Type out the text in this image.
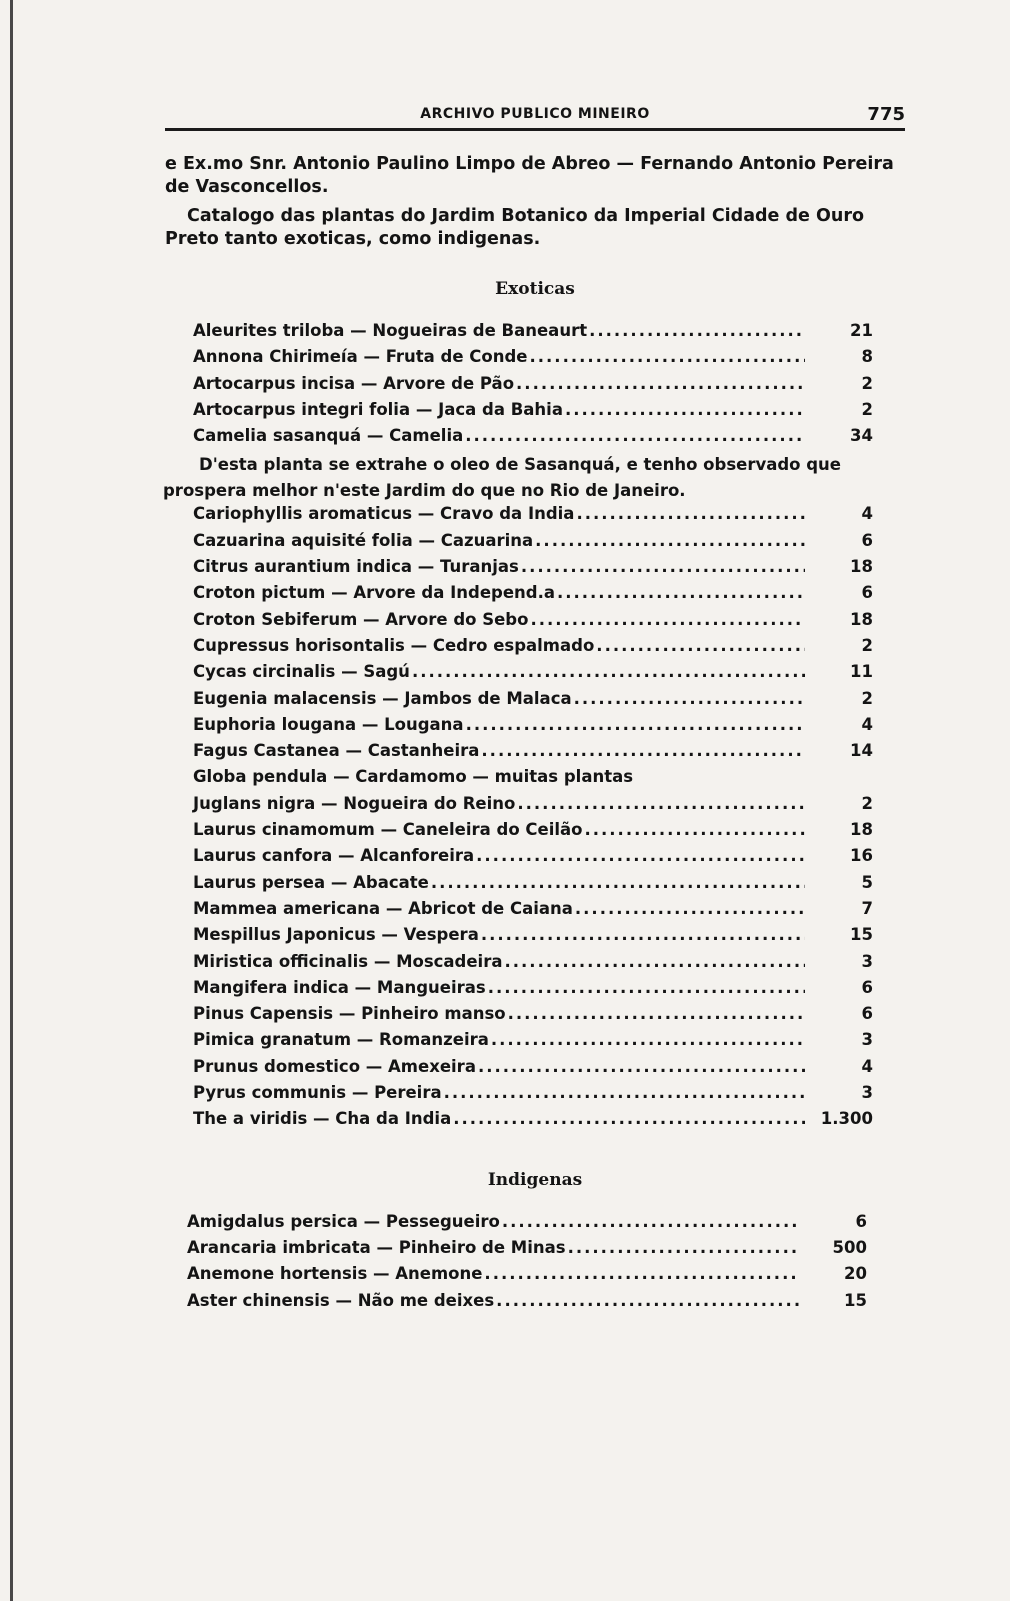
ARCHIVO PUBLICO MINEIRO	775

e Ex.mo Snr. Antonio Paulino Limpo de Abreo — Fernando Antonio Pereira de Vasconcellos.

Catalogo das plantas do Jardim Botanico da Imperial Cidade de Ouro Preto tanto exoticas, como indigenas.

Exoticas
Aleurites triloba — Nogueiras de Baneaurt .....	21
Annona Chirimeía — Fruta de Conde .....	8
Artocarpus incisa — Arvore de Pão .....	2
Artocarpus integri folia — Jaca da Bahia .....	2
Camelia sasanquá — Camelia .....	34
D'esta planta se extrahe o oleo de Sasanquá, e tenho observado que prospera melhor n'este Jardim do que no Rio de Janeiro.
Cariophyllis aromaticus — Cravo da India .....	4
Cazuarina aquisité folia — Cazuarina .....	6
Citrus aurantium indica — Turanjas .....	18
Croton pictum — Arvore da Independ.a .....	6
Croton Sebiferum — Arvore do Sebo .....	18
Cupressus horisontalis — Cedro espalmado .....	2
Cycas circinalis — Sagú .....	11
Eugenia malacensis — Jambos de Malaca .....	2
Euphoria lougana — Lougana .....	4
Fagus Castanea — Castanheira .....	14
Globa pendula — Cardamomo — muitas plantas
Juglans nigra — Nogueira do Reino .....	2
Laurus cinamomum — Caneleira do Ceilão .....	18
Laurus canfora — Alcanforeira .....	16
Laurus persea — Abacate .....	5
Mammea americana — Abricot de Caiana .....	7
Mespillus Japonicus — Vespera .....	15
Miristica officinalis — Moscadeira .....	3
Mangifera indica — Mangueiras .....	6
Pinus Capensis — Pinheiro manso .....	6
Pimica granatum — Romanzeira .....	3
Prunus domestico — Amexeira .....	4
Pyrus communis — Pereira .....	3
The a viridis — Cha da India .....	1.300
Indigenas
Amigdalus persica — Pessegueiro .....	6
Arancaria imbricata — Pinheiro de Minas .....	500
Anemone hortensis — Anemone .....	20
Aster chinensis — Não me deixes .....	15
